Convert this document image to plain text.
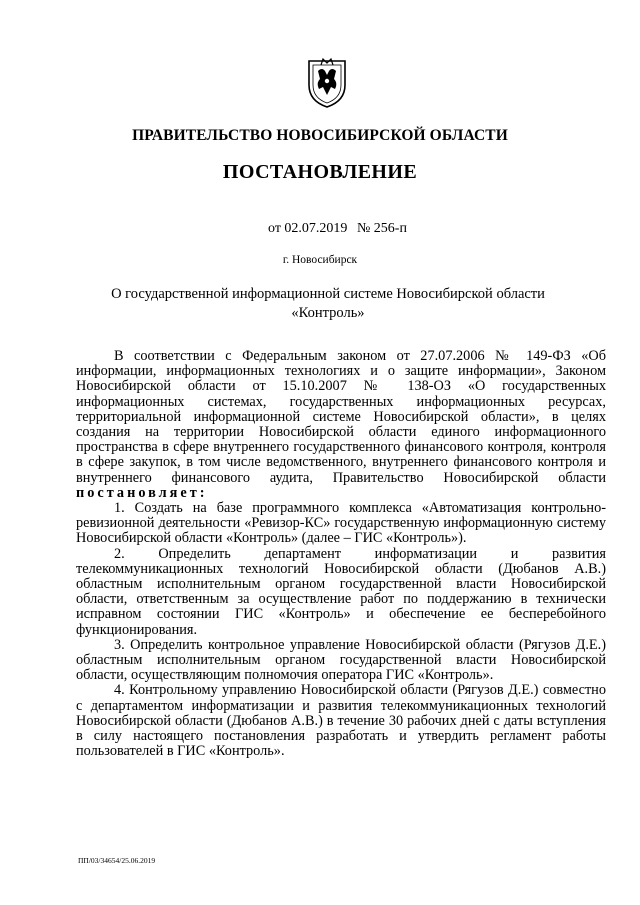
ПРАВИТЕЛЬСТВО НОВОСИБИРСКОЙ ОБЛАСТИ
ПОСТАНОВЛЕНИЕ
от 02.07.2019 № 256-п
г. Новосибирск
О государственной информационной системе Новосибирской области «Контроль»

В соответствии с Федеральным законом от 27.07.2006 № 149-ФЗ «Об информации, информационных технологиях и о защите информации», Законом Новосибирской области от 15.10.2007 № 138-ОЗ «О государственных информационных системах, государственных информационных ресурсах, территориальной информационной системе Новосибирской области», в целях создания на территории Новосибирской области единого информационного пространства в сфере внутреннего государственного финансового контроля, контроля в сфере закупок, в том числе ведомственного, внутреннего финансового контроля и внутреннего финансового аудита, Правительство Новосибирской области постановляет:

1. Создать на базе программного комплекса «Автоматизация контрольно-ревизионной деятельности «Ревизор-КС» государственную информационную систему Новосибирской области «Контроль» (далее – ГИС «Контроль»).

2. Определить департамент информатизации и развития телекоммуникационных технологий Новосибирской области (Дюбанов А.В.) областным исполнительным органом государственной власти Новосибирской области, ответственным за осуществление работ по поддержанию в технически исправном состоянии ГИС «Контроль» и обеспечение ее бесперебойного функционирования.

3. Определить контрольное управление Новосибирской области (Рягузов Д.Е.) областным исполнительным органом государственной власти Новосибирской области, осуществляющим полномочия оператора ГИС «Контроль».

4. Контрольному управлению Новосибирской области (Рягузов Д.Е.) совместно с департаментом информатизации и развития телекоммуникационных технологий Новосибирской области (Дюбанов А.В.) в течение 30 рабочих дней с даты вступления в силу настоящего постановления разработать и утвердить регламент работы пользователей в ГИС «Контроль».

ПП/03/34654/25.06.2019
